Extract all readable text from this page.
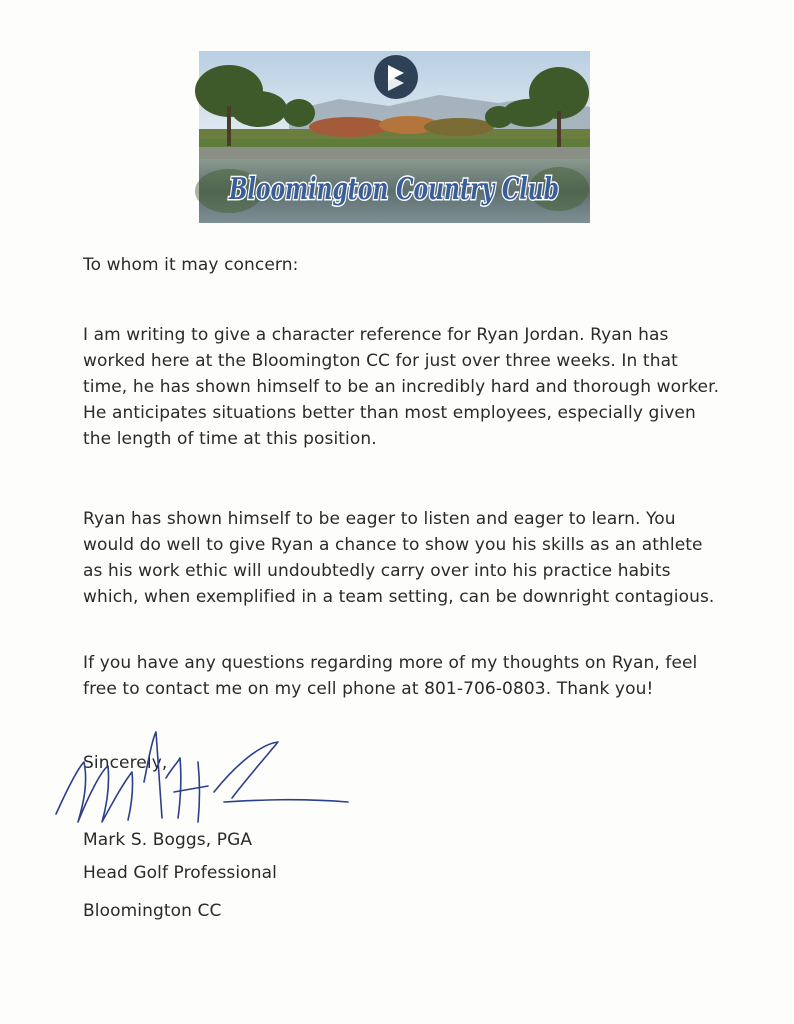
Bloomington Country Club
To whom it may concern:
I am writing to give a character reference for Ryan Jordan. Ryan has worked here at the Bloomington CC for just over three weeks. In that time, he has shown himself to be an incredibly hard and thorough worker. He anticipates situations better than most employees, especially given the length of time at this position.
Ryan has shown himself to be eager to listen and eager to learn. You would do well to give Ryan a chance to show you his skills as an athlete as his work ethic will undoubtedly carry over into his practice habits which, when exemplified in a team setting, can be downright contagious.
If you have any questions regarding more of my thoughts on Ryan, feel free to contact me on my cell phone at 801-706-0803. Thank you!
Sincerely,
Mark S. Boggs, PGA
Head Golf Professional
Bloomington CC
